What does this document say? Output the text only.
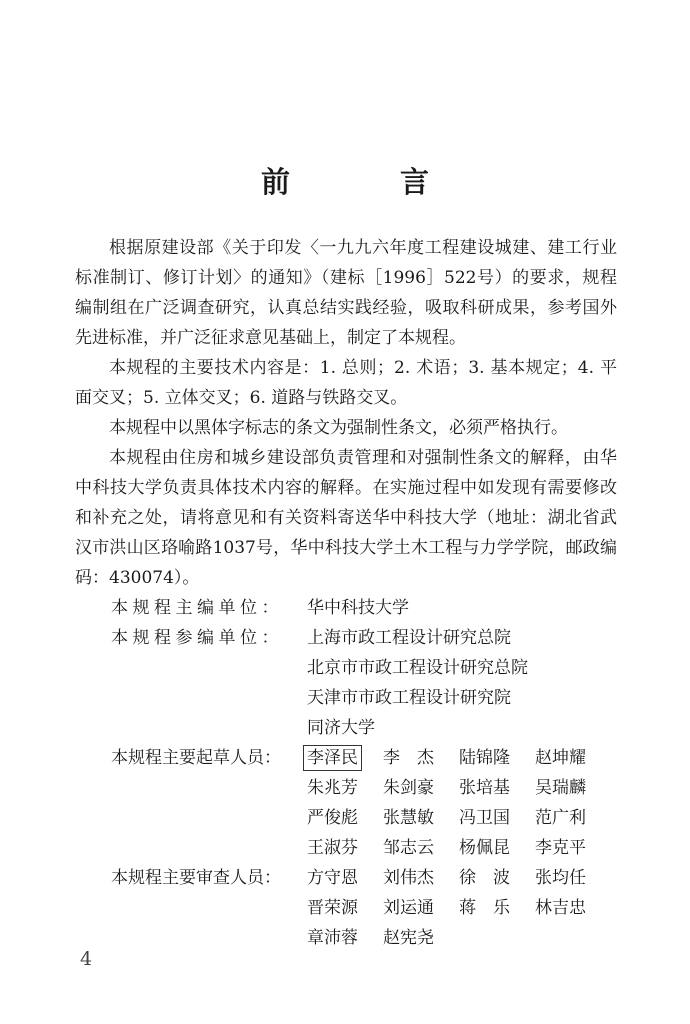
前 言

根据原建设部《关于印发〈一九九六年度工程建设城建、建工行业标准制订、修订计划〉的通知》（建标［1996］522号）的要求，规程编制组在广泛调查研究，认真总结实践经验，吸取科研成果，参考国外先进标准，并广泛征求意见基础上，制定了本规程。

本规程的主要技术内容是：1. 总则；2. 术语；3. 基本规定；4. 平面交叉；5. 立体交叉；6. 道路与铁路交叉。

本规程中以黑体字标志的条文为强制性条文，必须严格执行。

本规程由住房和城乡建设部负责管理和对强制性条文的解释，由华中科技大学负责具体技术内容的解释。在实施过程中如发现有需要修改和补充之处，请将意见和有关资料寄送华中科技大学（地址：湖北省武汉市洪山区珞喻路1037号，华中科技大学土木工程与力学学院，邮政编码：430074）。

本规程主编单位：	华中科技大学
本规程参编单位：	上海市政工程设计研究总院
北京市市政工程设计研究总院
天津市市政工程设计研究院
同济大学
本规程主要起草人员：	李泽民	李　杰	陆锦隆	赵坤耀
朱兆芳	朱剑豪	张培基	吴瑞麟
严俊彪	张慧敏	冯卫国	范广利
王淑芬	邹志云	杨佩昆	李克平
本规程主要审查人员：	方守恩	刘伟杰	徐　波	张均任
晋荣源	刘运通	蒋　乐	林吉忠
章沛蓉	赵宪尧
4
